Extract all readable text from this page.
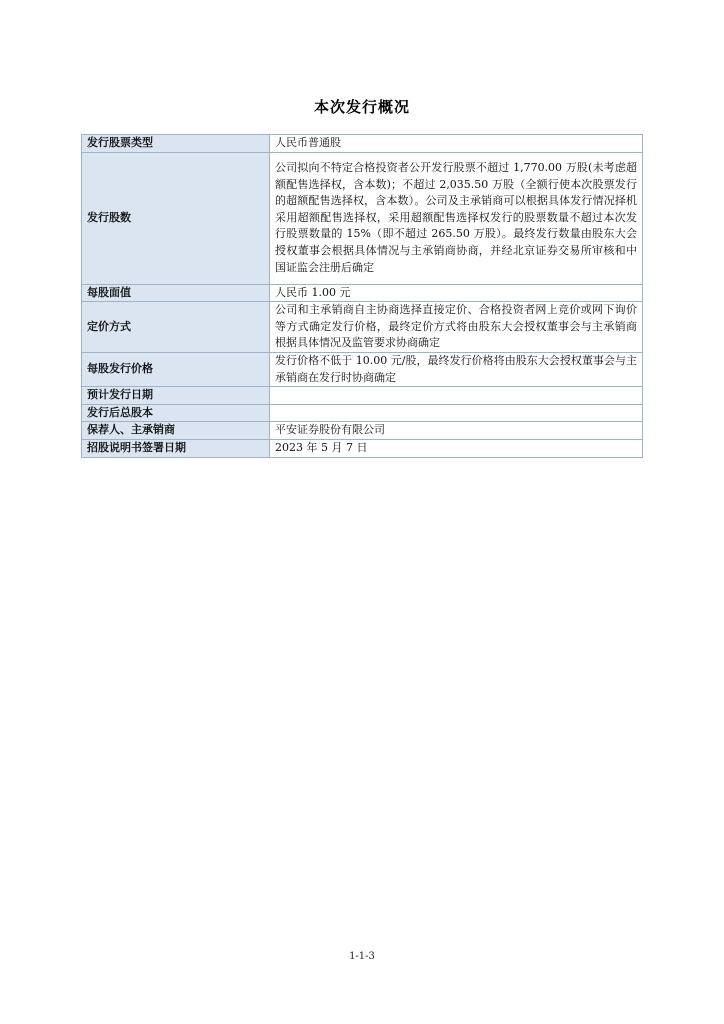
本次发行概况
发行股票类型	人民币普通股
发行股数	公司拟向不特定合格投资者公开发行股票不超过 1,770.00 万股(未考虑超额配售选择权，含本数)；不超过 2,035.50 万股（全额行使本次股票发行的超额配售选择权，含本数）。公司及主承销商可以根据具体发行情况择机采用超额配售选择权，采用超额配售选择权发行的股票数量不超过本次发行股票数量的 15%（即不超过 265.50 万股）。最终发行数量由股东大会授权董事会根据具体情况与主承销商协商，并经北京证券交易所审核和中国证监会注册后确定
每股面值	人民币 1.00 元
定价方式	公司和主承销商自主协商选择直接定价、合格投资者网上竞价或网下询价等方式确定发行价格，最终定价方式将由股东大会授权董事会与主承销商根据具体情况及监管要求协商确定
每股发行价格	发行价格不低于 10.00 元/股，最终发行价格将由股东大会授权董事会与主承销商在发行时协商确定
预计发行日期	
发行后总股本	
保荐人、主承销商	平安证券股份有限公司
招股说明书签署日期	2023 年 5 月 7 日
1-1-3
